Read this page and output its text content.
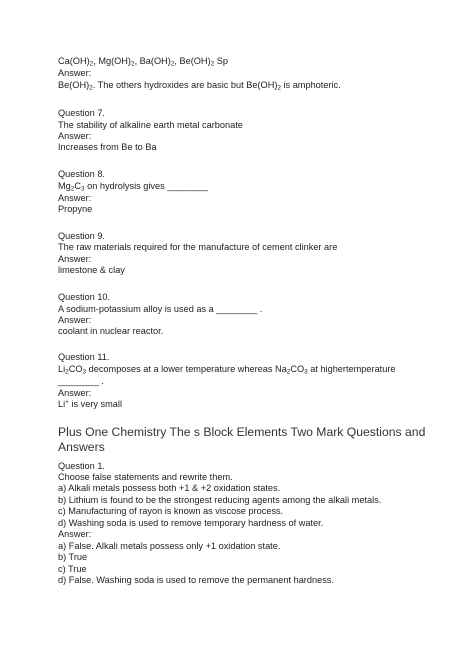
$Ca(OH)_2$, $Mg(OH)_2$, $Ba(OH)_2$, $Be(OH)_2$ Sp
Answer:
$Be(OH)_2$. The others hydroxides are basic but $Be(OH)_2$ is amphoteric.
Question 7.
The stability of alkaline earth metal carbonate
Answer:
Increases from Be to Ba
Question 8.
$Mg_2C_3$ on hydrolysis gives ________
Answer:
Propyne
Question 9.
The raw materials required for the manufacture of cement clinker are
Answer:
limestone & clay
Question 10.
A sodium-potassium alloy is used as a ________ .
Answer:
coolant in nuclear reactor.
Question 11.
$Li_2CO_3$ decomposes at a lower temperature whereas $Na_2CO_3$ at highertemperature
________ .
Answer:
Li+ is very small
Plus One Chemistry The s Block Elements Two Mark Questions and
Answers
Question 1.
Choose false statements and rewrite them.
a) Alkali metals possess both +1 & +2 oxidation states.
b) Lithium is found to be the strongest reducing agents among the alkali metals.
c) Manufacturing of rayon is known as viscose process.
d) Washing soda is used to remove temporary hardness of water.
Answer:
a) False. Alkali metals possess only +1 oxidation state.
b) True
c) True
d) False. Washing soda is used to remove the permanent hardness.
